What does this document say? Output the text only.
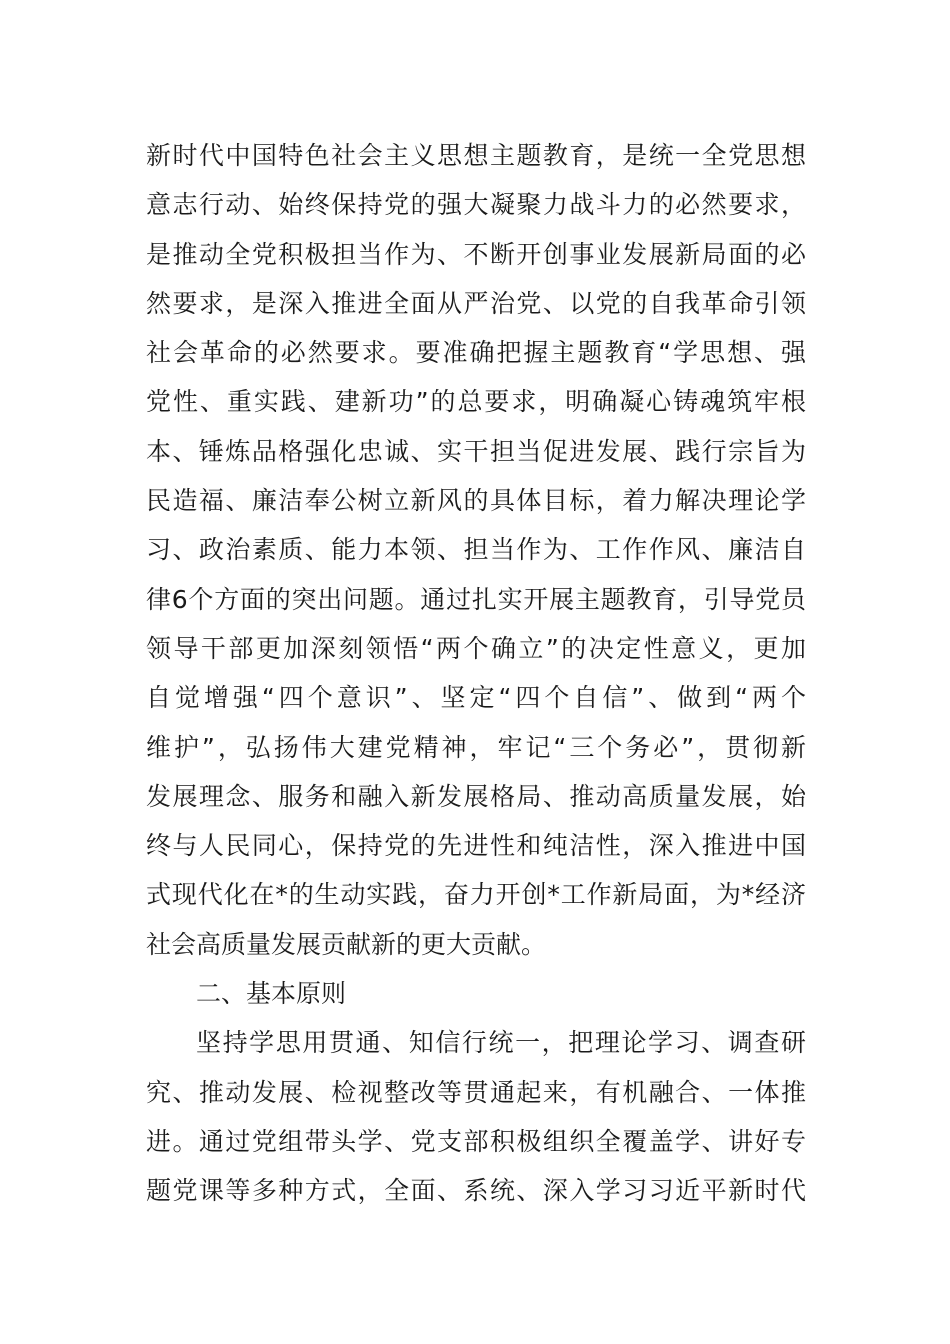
新时代中国特色社会主义思想主题教育，是统一全党思想
意志行动、始终保持党的强大凝聚力战斗力的必然要求，
是推动全党积极担当作为、不断开创事业发展新局面的必
然要求，是深入推进全面从严治党、以党的自我革命引领
社会革命的必然要求。要准确把握主题教育“学思想、强
党性、重实践、建新功”的总要求，明确凝心铸魂筑牢根
本、锤炼品格强化忠诚、实干担当促进发展、践行宗旨为
民造福、廉洁奉公树立新风的具体目标，着力解决理论学
习、政治素质、能力本领、担当作为、工作作风、廉洁自
律6个方面的突出问题。通过扎实开展主题教育，引导党员
领导干部更加深刻领悟“两个确立”的决定性意义，更加
自觉增强“四个意识”、坚定“四个自信”、做到“两个
维护”，弘扬伟大建党精神，牢记“三个务必”，贯彻新
发展理念、服务和融入新发展格局、推动高质量发展，始
终与人民同心，保持党的先进性和纯洁性，深入推进中国
式现代化在*的生动实践，奋力开创*工作新局面，为*经济
社会高质量发展贡献新的更大贡献。
二、基本原则
坚持学思用贯通、知信行统一，把理论学习、调查研
究、推动发展、检视整改等贯通起来，有机融合、一体推
进。通过党组带头学、党支部积极组织全覆盖学、讲好专
题党课等多种方式，全面、系统、深入学习习近平新时代
